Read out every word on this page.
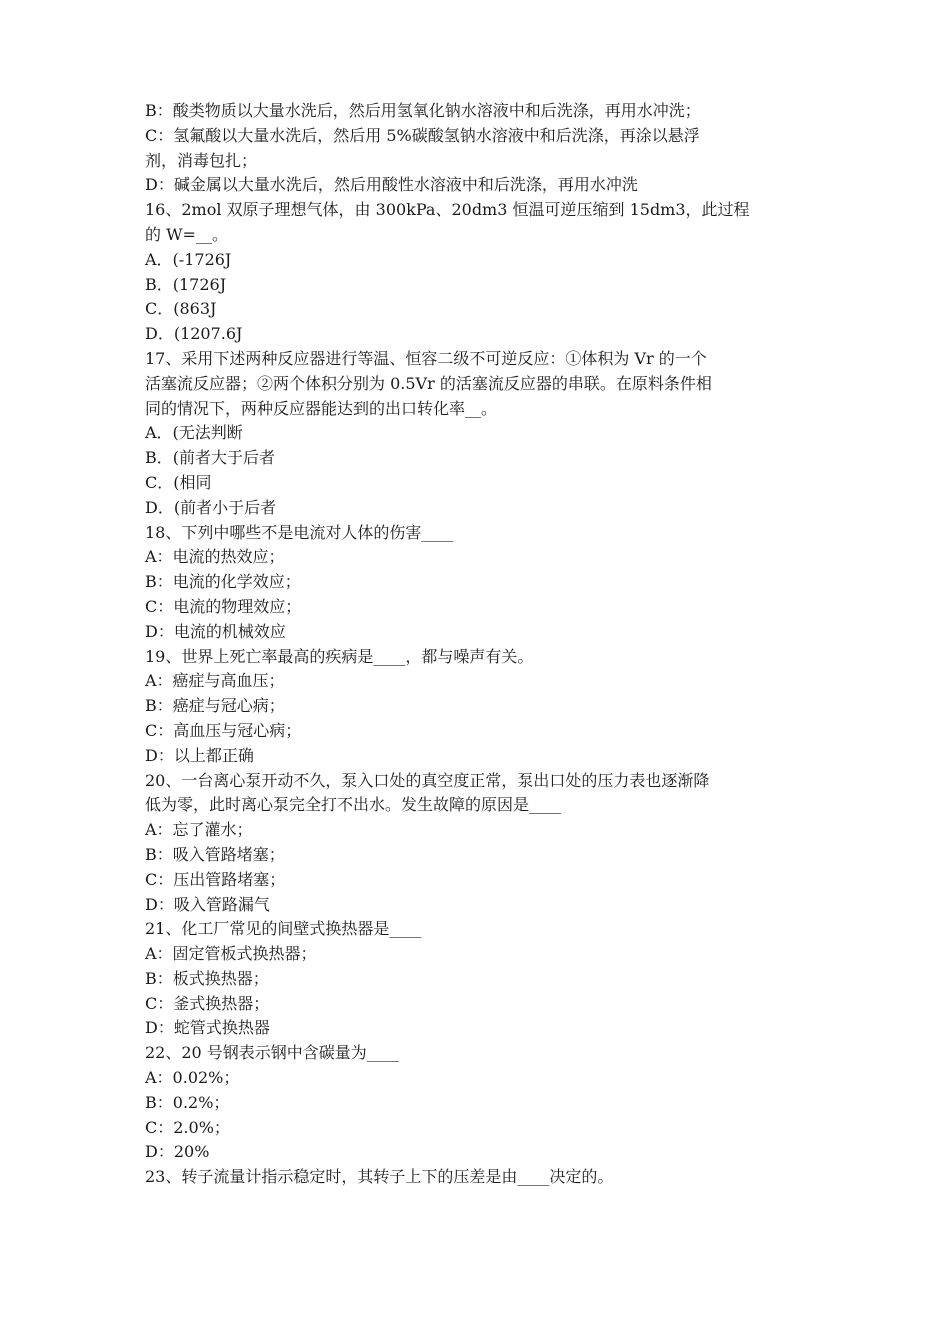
B：酸类物质以大量水洗后，然后用氢氧化钠水溶液中和后洗涤，再用水冲洗；
C：氢氟酸以大量水洗后，然后用 5%碳酸氢钠水溶液中和后洗涤，再涂以悬浮
剂，消毒包扎；
D：碱金属以大量水洗后，然后用酸性水溶液中和后洗涤，再用水冲洗
16、2mol 双原子理想气体，由 300kPa、20dm3 恒温可逆压缩到 15dm3，此过程
的 W=__。
A．(-1726J
B．(1726J
C．(863J
D．(1207.6J
17、采用下述两种反应器进行等温、恒容二级不可逆反应：①体积为 Vr 的一个
活塞流反应器；②两个体积分别为 0.5Vr 的活塞流反应器的串联。在原料条件相
同的情况下，两种反应器能达到的出口转化率__。
A．(无法判断
B．(前者大于后者
C．(相同
D．(前者小于后者
18、下列中哪些不是电流对人体的伤害____
A：电流的热效应；
B：电流的化学效应；
C：电流的物理效应；
D：电流的机械效应
19、世界上死亡率最高的疾病是____，都与噪声有关。
A：癌症与高血压；
B：癌症与冠心病；
C：高血压与冠心病；
D：以上都正确
20、一台离心泵开动不久，泵入口处的真空度正常，泵出口处的压力表也逐渐降
低为零，此时离心泵完全打不出水。发生故障的原因是____
A：忘了灌水；
B：吸入管路堵塞；
C：压出管路堵塞；
D：吸入管路漏气
21、化工厂常见的间壁式换热器是____
A：固定管板式换热器；
B：板式换热器；
C：釜式换热器；
D：蛇管式换热器
22、20 号钢表示钢中含碳量为____
A：0.02%；
B：0.2%；
C：2.0%；
D：20%
23、转子流量计指示稳定时，其转子上下的压差是由____决定的。
